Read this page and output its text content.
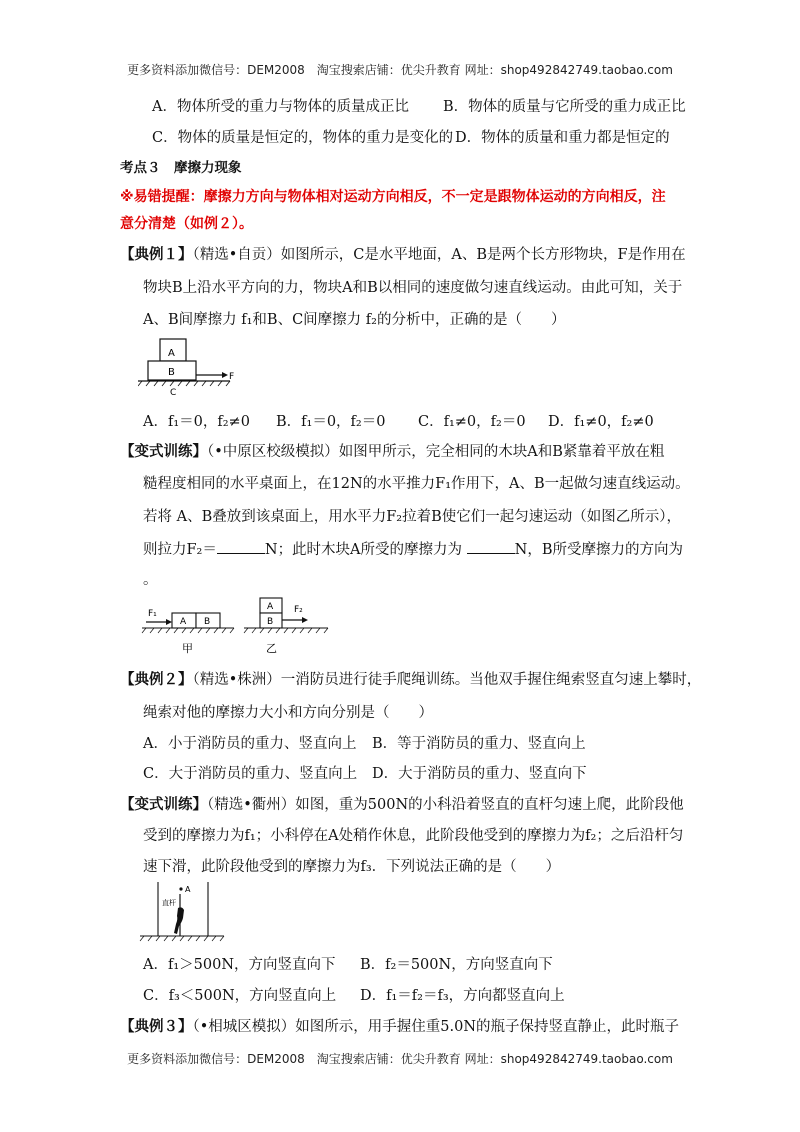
更多资料添加微信号：DEM2008　淘宝搜索店铺：优尖升教育 网址：shop492842749.taobao.com
A．物体所受的重力与物体的质量成正比 B．物体的质量与它所受的重力成正比
C．物体的质量是恒定的，物体的重力是变化的 D．物体的质量和重力都是恒定的
考点３　摩擦力现象
※易错提醒：摩擦力方向与物体相对运动方向相反，不一定是跟物体运动的方向相反，注
意分清楚（如例２）。
【典例１】（精选•自贡）如图所示，C是水平地面，A、B是两个长方形物块，F是作用在
物块B上沿水平方向的力，物块A和B以相同的速度做匀速直线运动。由此可知，关于
A、B间摩擦力 f₁和B、C间摩擦力 f₂的分析中，正确的是（　　）
A
B	F
C
A．f₁＝0，f₂≠0 B．f₁＝0，f₂＝0 C．f₁≠0，f₂＝0 D．f₁≠0，f₂≠0
【变式训练】（•中原区校级模拟）如图甲所示，完全相同的木块A和B紧靠着平放在粗
糙程度相同的水平桌面上，在12N的水平推力F₁作用下，A、B一起做匀速直线运动。
若将 A、B叠放到该桌面上，用水平力F₂拉着B使它们一起匀速运动（如图乙所示），
则拉力F₂＝	N；此时木块A所受的摩擦力为	N，B所受摩擦力的方向为
。
F₁
A B
甲
A
B
F₂
乙
【典例２】（精选•株洲）一消防员进行徒手爬绳训练。当他双手握住绳索竖直匀速上攀时，
绳索对他的摩擦力大小和方向分别是（　　）
A．小于消防员的重力、竖直向上 B．等于消防员的重力、竖直向上
C．大于消防员的重力、竖直向上 D．大于消防员的重力、竖直向下
【变式训练】（精选•衢州）如图，重为500N的小科沿着竖直的直杆匀速上爬，此阶段他
受到的摩擦力为f₁；小科停在A处稍作休息，此阶段他受到的摩擦力为f₂；之后沿杆匀
速下滑，此阶段他受到的摩擦力为f₃．下列说法正确的是（　　）
A
直杆
A．f₁＞500N，方向竖直向下 B．f₂＝500N，方向竖直向下
C．f₃＜500N，方向竖直向上 D．f₁＝f₂＝f₃，方向都竖直向上
【典例３】（•相城区模拟）如图所示，用手握住重5.0N的瓶子保持竖直静止，此时瓶子
更多资料添加微信号：DEM2008　淘宝搜索店铺：优尖升教育 网址：shop492842749.taobao.com
